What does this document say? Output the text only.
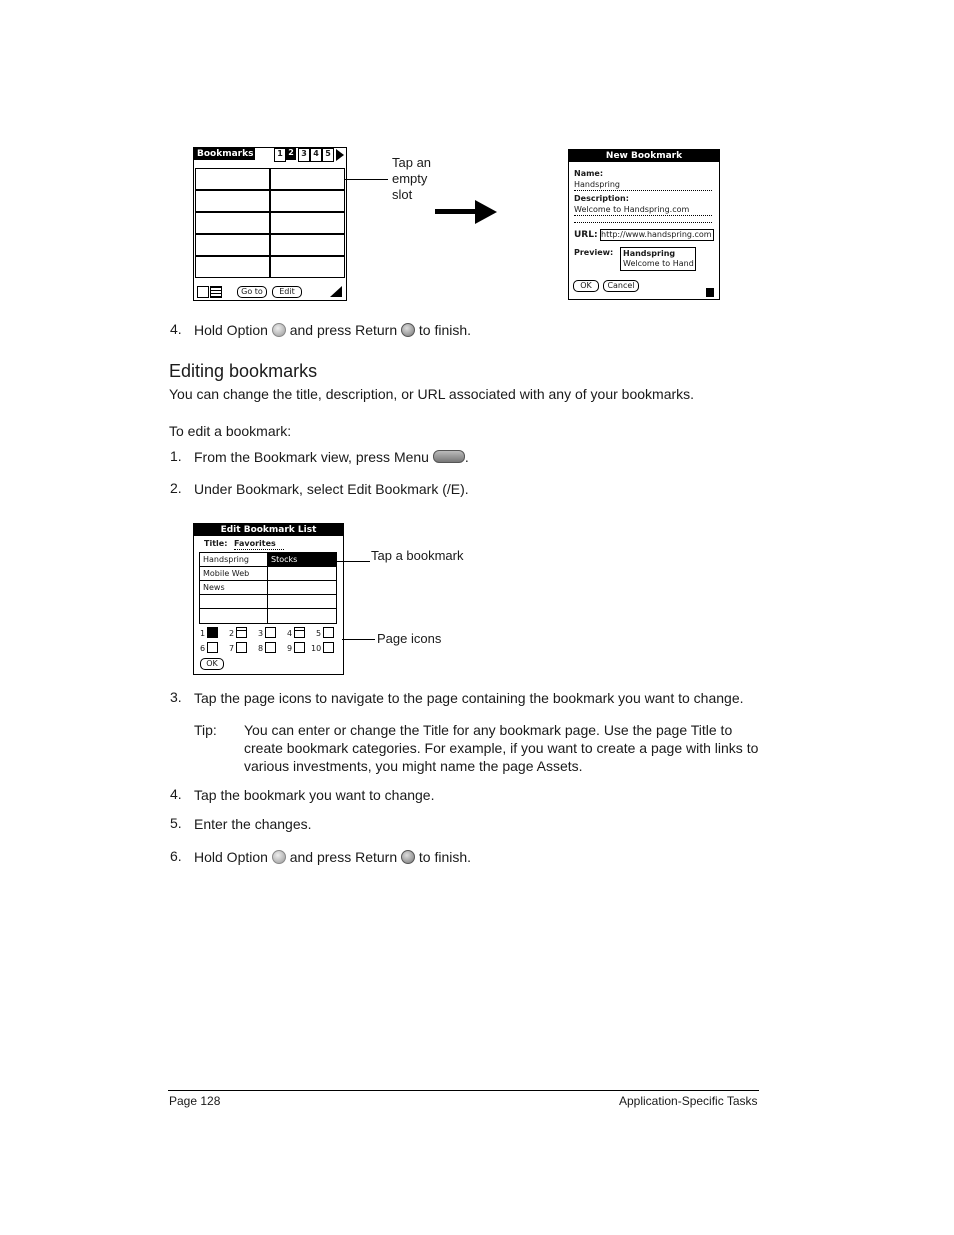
Bookmarks	1 2 3 4 5
Go to	Edit
Tap an
empty
slot
New Bookmark
Name:
Handspring
Description:
Welcome to Handspring.com
URL: http://www.handspring.com
Preview: Handspring
Welcome to Hand
OK	Cancel
4. Hold Option and press Return to finish.
Editing bookmarks
You can change the title, description, or URL associated with any of your bookmarks.
To edit a bookmark:
1. From the Bookmark view, press Menu	.
2. Under Bookmark, select Edit Bookmark (/E).
Edit Bookmark List
Title: Favorites
Handspring	Stocks
Mobile Web
News
1	2	3	4	5
6	7	8	9 10
OK
Tap a bookmark
Page icons
3. Tap the page icons to navigate to the page containing the bookmark you want to change.
Tip: You can enter or change the Title for any bookmark page. Use the page Title to
create bookmark categories. For example, if you want to create a page with links to
various investments, you might name the page Assets.
4. Tap the bookmark you want to change.
5. Enter the changes.
6. Hold Option and press Return to finish.
Page 128	Application-Specific Tasks
